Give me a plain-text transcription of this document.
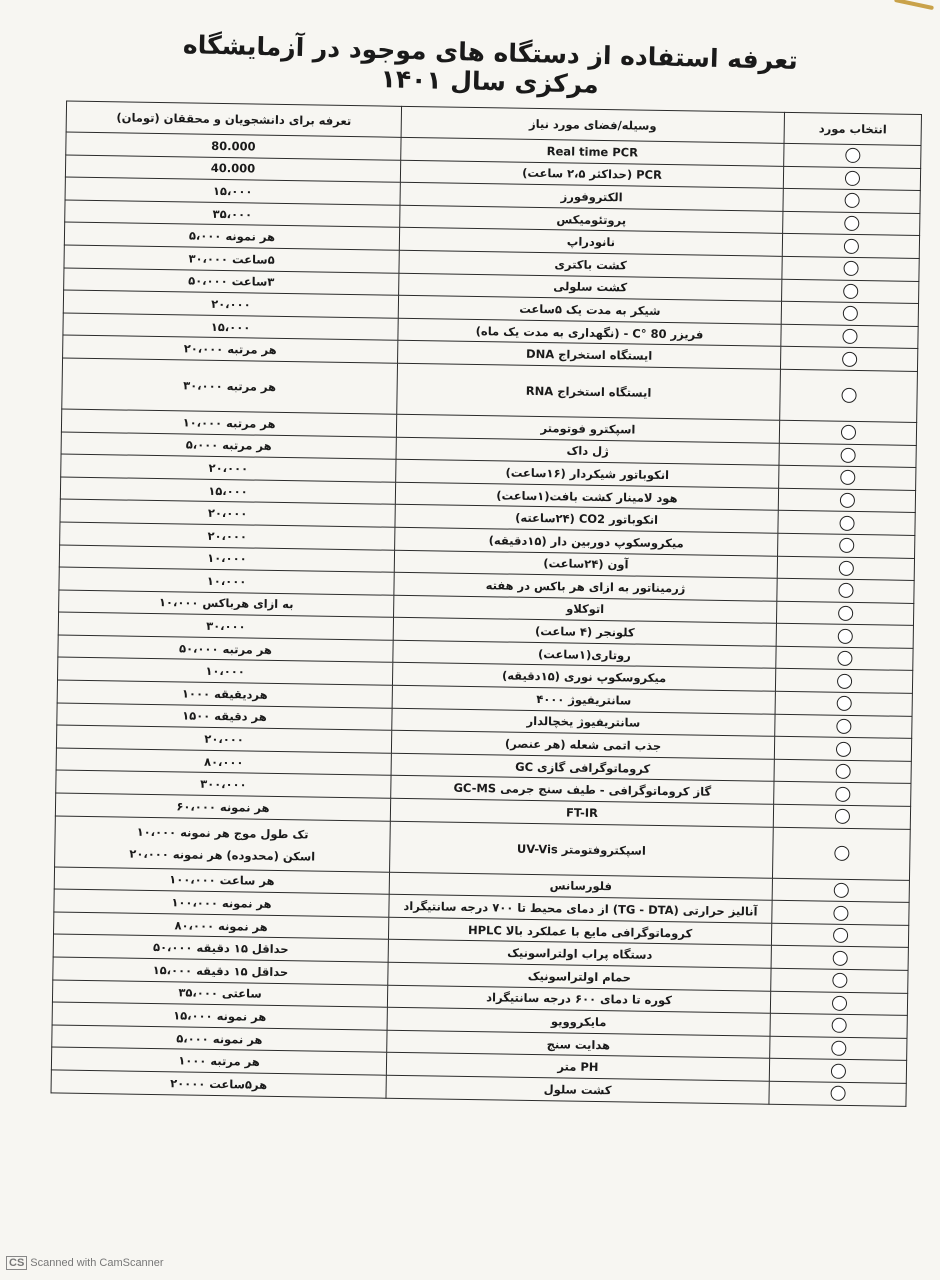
تعرفه استفاده از دستگاه های موجود در آزمایشگاه مرکزی سال ۱۴۰۱
انتخاب مورد	وسیله/فضای مورد نیاز	تعرفه برای دانشجویان و محققان (تومان)
	Real time PCR	80.000
	PCR (حداکثر ۲،۵ ساعت)	40.000
	الکتروفورز	۱۵،۰۰۰
	پروتئومیکس	۳۵،۰۰۰
	نانودراپ	هر نمونه ۵،۰۰۰
	کشت باکتری	۵ساعت ۳۰،۰۰۰
	کشت سلولی	۳ساعت ۵۰،۰۰۰
	شیکر به مدت یک ۵ساعت	۲۰،۰۰۰
	فریزر C° 80 - (نگهداری به مدت یک ماه)	۱۵،۰۰۰
	ایستگاه استخراج DNA	هر مرتبه ۲۰،۰۰۰
	ایستگاه استخراج RNA	هر مرتبه ۳۰،۰۰۰
	اسپکترو فوتومتر	هر مرتبه ۱۰،۰۰۰
	ژل داک	هر مرتبه ۵،۰۰۰
	انکوباتور شیکردار (۱۶ساعت)	۲۰،۰۰۰
	هود لامینار کشت بافت(۱ساعت)	۱۵،۰۰۰
	انکوباتور CO2 (۲۴ساعته)	۲۰،۰۰۰
	میکروسکوپ دوربین دار (۱۵دقیقه)	۲۰،۰۰۰
	آون (۲۴ساعت)	۱۰،۰۰۰
	ژرمیناتور به ازای هر باکس در هفته	۱۰،۰۰۰
	اتوکلاو	به ازای هرباکس ۱۰،۰۰۰
	کلونجر (۴ ساعت)	۳۰،۰۰۰
	روتاری(۱ساعت)	هر مرتبه ۵۰،۰۰۰
	میکروسکوپ نوری (۱۵دقیقه)	۱۰،۰۰۰
	سانتریفیوژ ۴۰۰۰	هردیقیقه ۱۰۰۰
	سانتریفیوژ یخچالدار	هر دقیقه ۱۵۰۰
	جذب اتمی شعله (هر عنصر)	۲۰،۰۰۰
	کروماتوگرافی گازی GC	۸۰،۰۰۰
	گاز کروماتوگرافی - طیف سنج جرمی GC-MS	۳۰۰،۰۰۰
	FT-IR	هر نمونه ۶۰،۰۰۰
	اسپکتروفتومتر UV-Vis	تک طول موج هر نمونه ۱۰،۰۰۰
اسکن (محدوده) هر نمونه ۲۰،۰۰۰

	فلورسانس	هر ساعت ۱۰۰،۰۰۰
	آنالیز حرارتی (TG - DTA) از دمای محیط تا ۷۰۰ درجه سانتیگراد	هر نمونه ۱۰۰،۰۰۰
	کروماتوگرافی مایع با عملکرد بالا HPLC	هر نمونه ۸۰،۰۰۰
	دستگاه پراب اولتراسونیک	حداقل ۱۵ دقیقه ۵۰،۰۰۰
	حمام اولتراسونیک	حداقل ۱۵ دقیقه ۱۵،۰۰۰
	کوره تا دمای ۶۰۰ درجه سانتیگراد	ساعتی ۳۵،۰۰۰
	مایکروویو	هر نمونه ۱۵،۰۰۰
	هدایت سنج	هر نمونه ۵،۰۰۰
	PH متر	هر مرتبه ۱۰۰۰
	کشت سلول	هر۵ساعت ۲۰۰۰۰
CS Scanned with CamScanner
